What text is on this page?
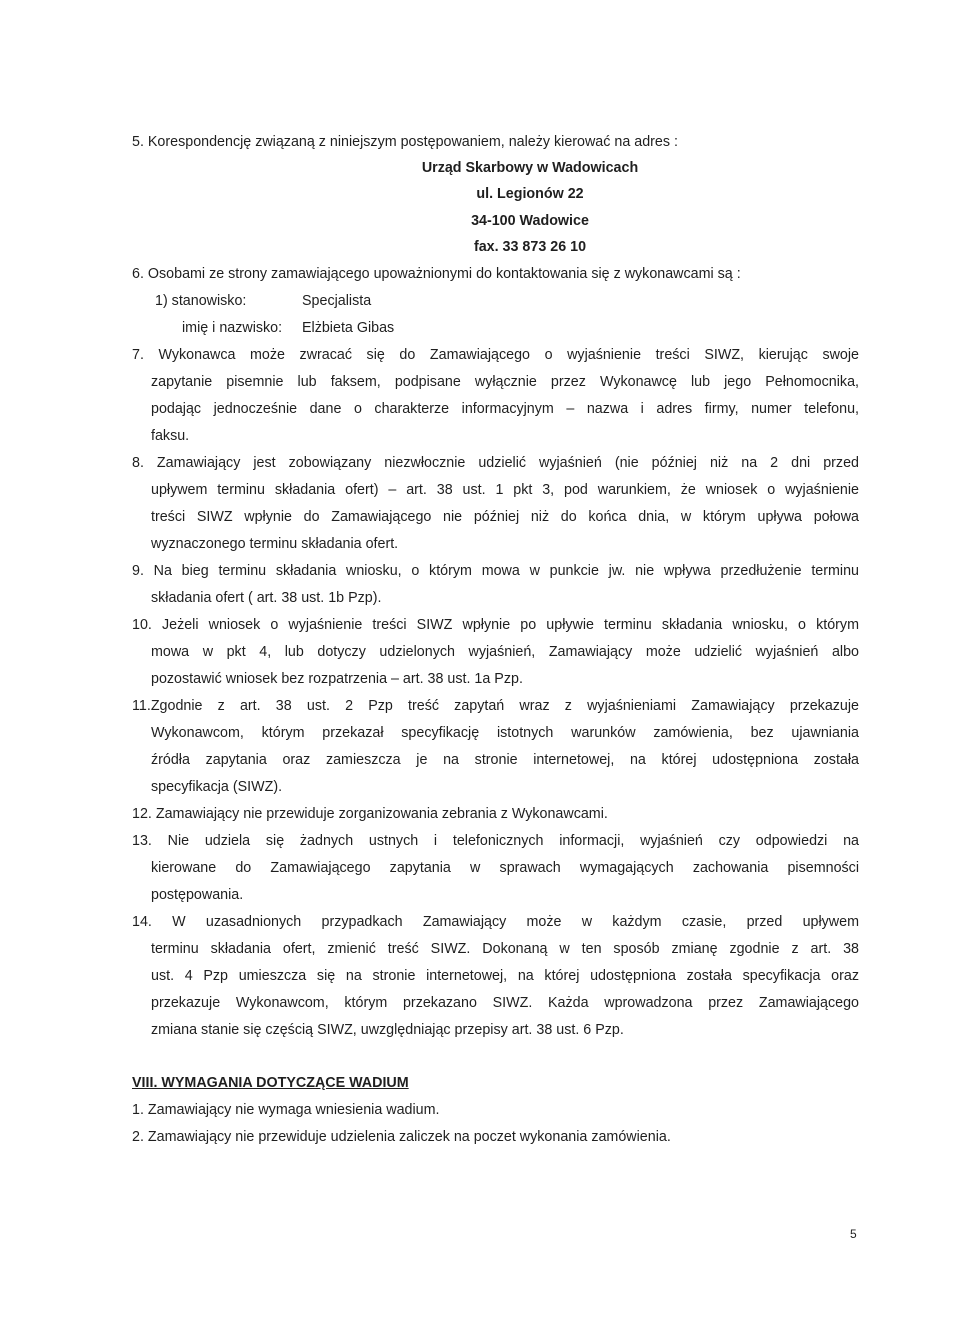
5. Korespondencję związaną z niniejszym postępowaniem, należy kierować na adres :
Urząd Skarbowy w Wadowicach
ul. Legionów 22
34-100 Wadowice
fax. 33 873 26 10
6. Osobami ze strony zamawiającego upoważnionymi do kontaktowania się z wykonawcami są :
1) stanowisko:	Specjalista
imię i nazwisko: Elżbieta Gibas
7. Wykonawca może zwracać się do Zamawiającego o wyjaśnienie treści SIWZ, kierując swoje
zapytanie pisemnie lub faksem, podpisane wyłącznie przez Wykonawcę lub jego Pełnomocnika,
podając jednocześnie dane o charakterze informacyjnym – nazwa i adres firmy, numer telefonu,
faksu.
8. Zamawiający jest zobowiązany niezwłocznie udzielić wyjaśnień (nie później niż na 2 dni przed
upływem terminu składania ofert) – art. 38 ust. 1 pkt 3, pod warunkiem, że wniosek o wyjaśnienie
treści SIWZ wpłynie do Zamawiającego nie później niż do końca dnia, w którym upływa połowa
wyznaczonego terminu składania ofert.
9. Na bieg terminu składania wniosku, o którym mowa w punkcie jw. nie wpływa przedłużenie terminu
składania ofert ( art. 38 ust. 1b Pzp).
10. Jeżeli wniosek o wyjaśnienie treści SIWZ wpłynie po upływie terminu składania wniosku, o którym
mowa w pkt 4, lub dotyczy udzielonych wyjaśnień, Zamawiający może udzielić wyjaśnień albo
pozostawić wniosek bez rozpatrzenia – art. 38 ust. 1a Pzp.
11.Zgodnie z art. 38 ust. 2 Pzp treść zapytań wraz z wyjaśnieniami Zamawiający przekazuje
Wykonawcom, którym przekazał specyfikację istotnych warunków zamówienia, bez ujawniania
źródła zapytania oraz zamieszcza je na stronie internetowej, na której udostępniona została
specyfikacja (SIWZ).
12. Zamawiający nie przewiduje zorganizowania zebrania z Wykonawcami.
13. Nie udziela się żadnych ustnych i telefonicznych informacji, wyjaśnień czy odpowiedzi na
kierowane do Zamawiającego zapytania w sprawach wymagających zachowania pisemności
postępowania.
14. W uzasadnionych przypadkach Zamawiający może w każdym czasie, przed upływem
terminu składania ofert, zmienić treść SIWZ. Dokonaną w ten sposób zmianę zgodnie z art. 38
ust. 4 Pzp umieszcza się na stronie internetowej, na której udostępniona została specyfikacja oraz
przekazuje Wykonawcom, którym przekazano SIWZ. Każda wprowadzona przez Zamawiającego
zmiana stanie się częścią SIWZ, uwzględniając przepisy art. 38 ust. 6 Pzp.
VIII. WYMAGANIA DOTYCZĄCE WADIUM
1. Zamawiający nie wymaga wniesienia wadium.
2. Zamawiający nie przewiduje udzielenia zaliczek na poczet wykonania zamówienia.
5
